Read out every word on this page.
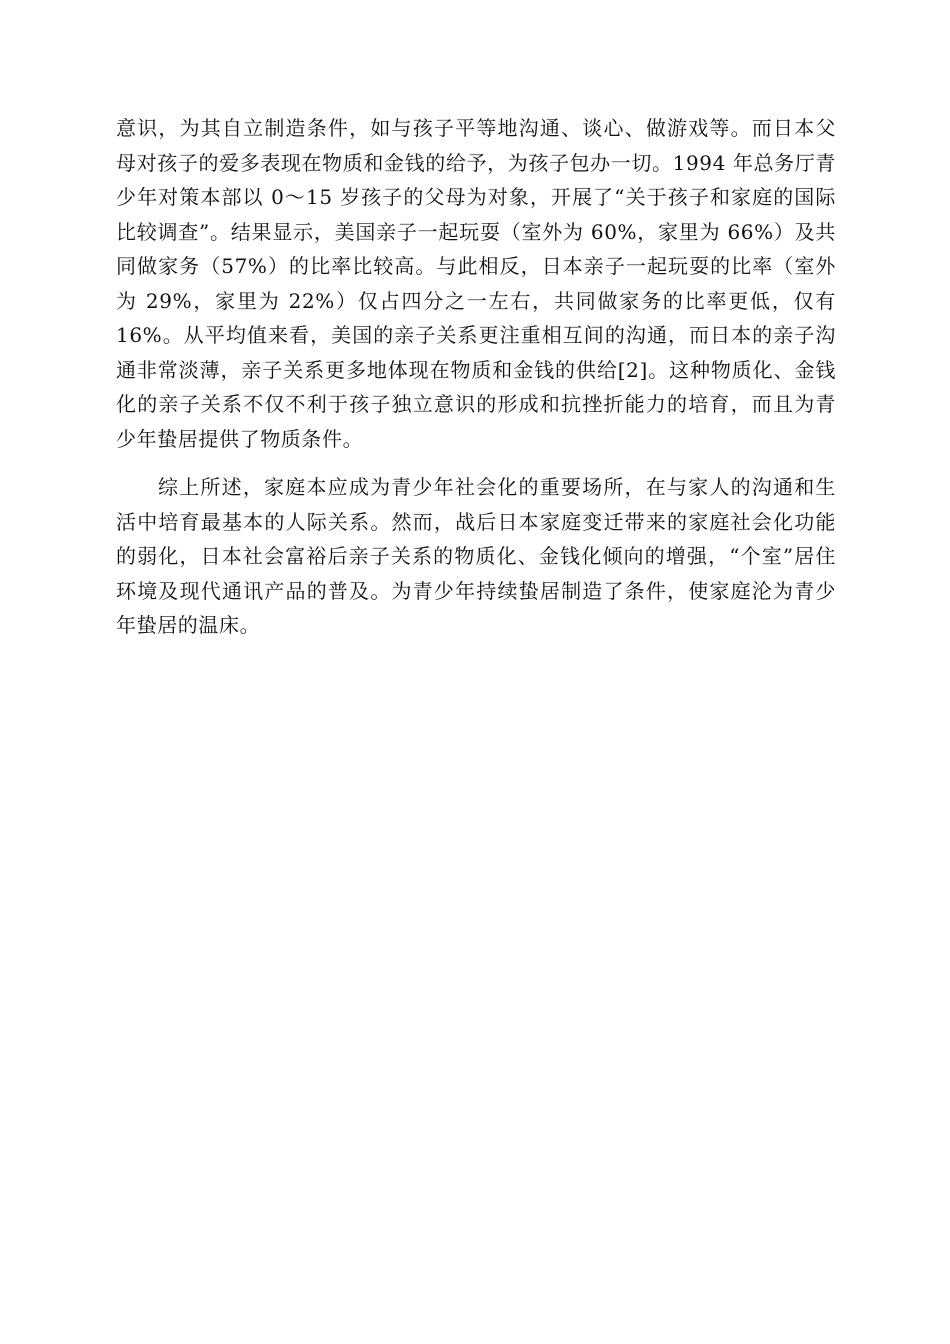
意识，为其自立制造条件，如与孩子平等地沟通、谈心、做游戏等。而日本父母对孩子的爱多表现在物质和金钱的给予，为孩子包办一切。1994 年总务厅青少年对策本部以 0～15 岁孩子的父母为对象，开展了“关于孩子和家庭的国际比较调查”。结果显示，美国亲子一起玩耍（室外为 60%，家里为 66%）及共同做家务（57%）的比率比较高。与此相反，日本亲子一起玩耍的比率（室外为 29%，家里为 22%）仅占四分之一左右，共同做家务的比率更低，仅有 16%。从平均值来看，美国的亲子关系更注重相互间的沟通，而日本的亲子沟通非常淡薄，亲子关系更多地体现在物质和金钱的供给[2]。这种物质化、金钱化的亲子关系不仅不利于孩子独立意识的形成和抗挫折能力的培育，而且为青少年蛰居提供了物质条件。

综上所述，家庭本应成为青少年社会化的重要场所，在与家人的沟通和生活中培育最基本的人际关系。然而，战后日本家庭变迁带来的家庭社会化功能的弱化，日本社会富裕后亲子关系的物质化、金钱化倾向的增强，“个室”居住环境及现代通讯产品的普及。为青少年持续蛰居制造了条件，使家庭沦为青少年蛰居的温床。
